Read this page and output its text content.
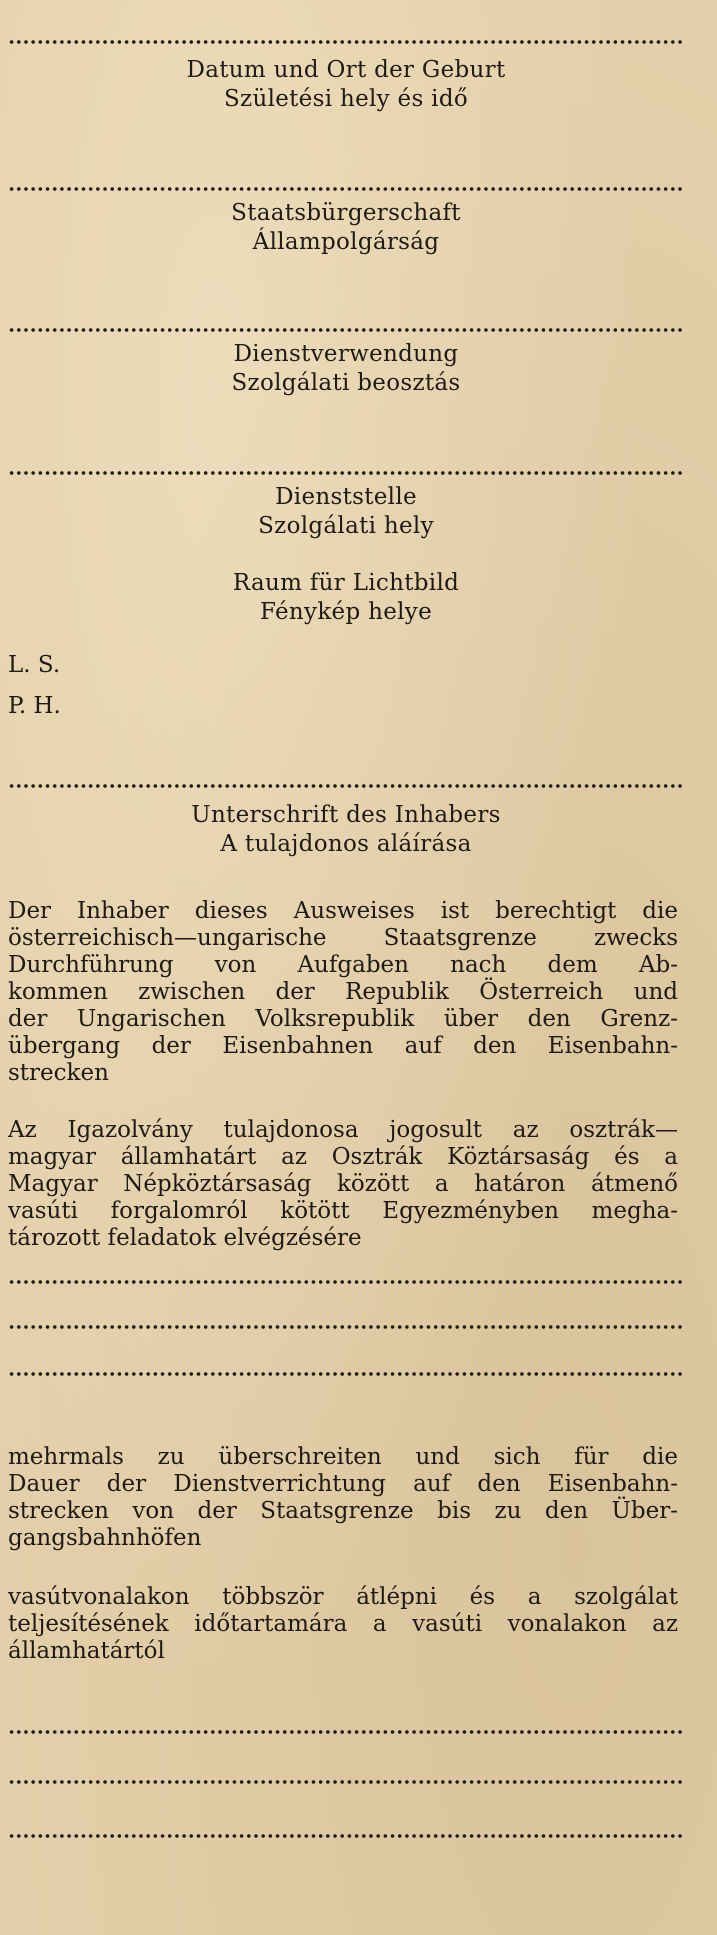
Datum und Ort der Geburt
Születési hely és idő
Staatsbürgerschaft
Állampolgárság
Dienstverwendung
Szolgálati beosztás
Dienststelle
Szolgálati hely
Raum für Lichtbild
Fénykép helye
L. S.
P. H.
Unterschrift des Inhabers
A tulajdonos aláírása
Der Inhaber dieses Ausweises ist berechtigt die
österreichisch—ungarische Staatsgrenze zwecks
Durchführung von Aufgaben nach dem Ab-
kommen zwischen der Republik Österreich und
der Ungarischen Volksrepublik über den Grenz-
übergang der Eisenbahnen auf den Eisenbahn-
strecken
Az Igazolvány tulajdonosa jogosult az osztrák—
magyar államhatárt az Osztrák Köztársaság és a
Magyar Népköztársaság között a határon átmenő
vasúti forgalomról kötött Egyezményben megha-
tározott feladatok elvégzésére
mehrmals zu überschreiten und sich für die
Dauer der Dienstverrichtung auf den Eisenbahn-
strecken von der Staatsgrenze bis zu den Über-
gangsbahnhöfen
vasútvonalakon többször átlépni és a szolgálat
teljesítésének időtartamára a vasúti vonalakon az
államhatártól
